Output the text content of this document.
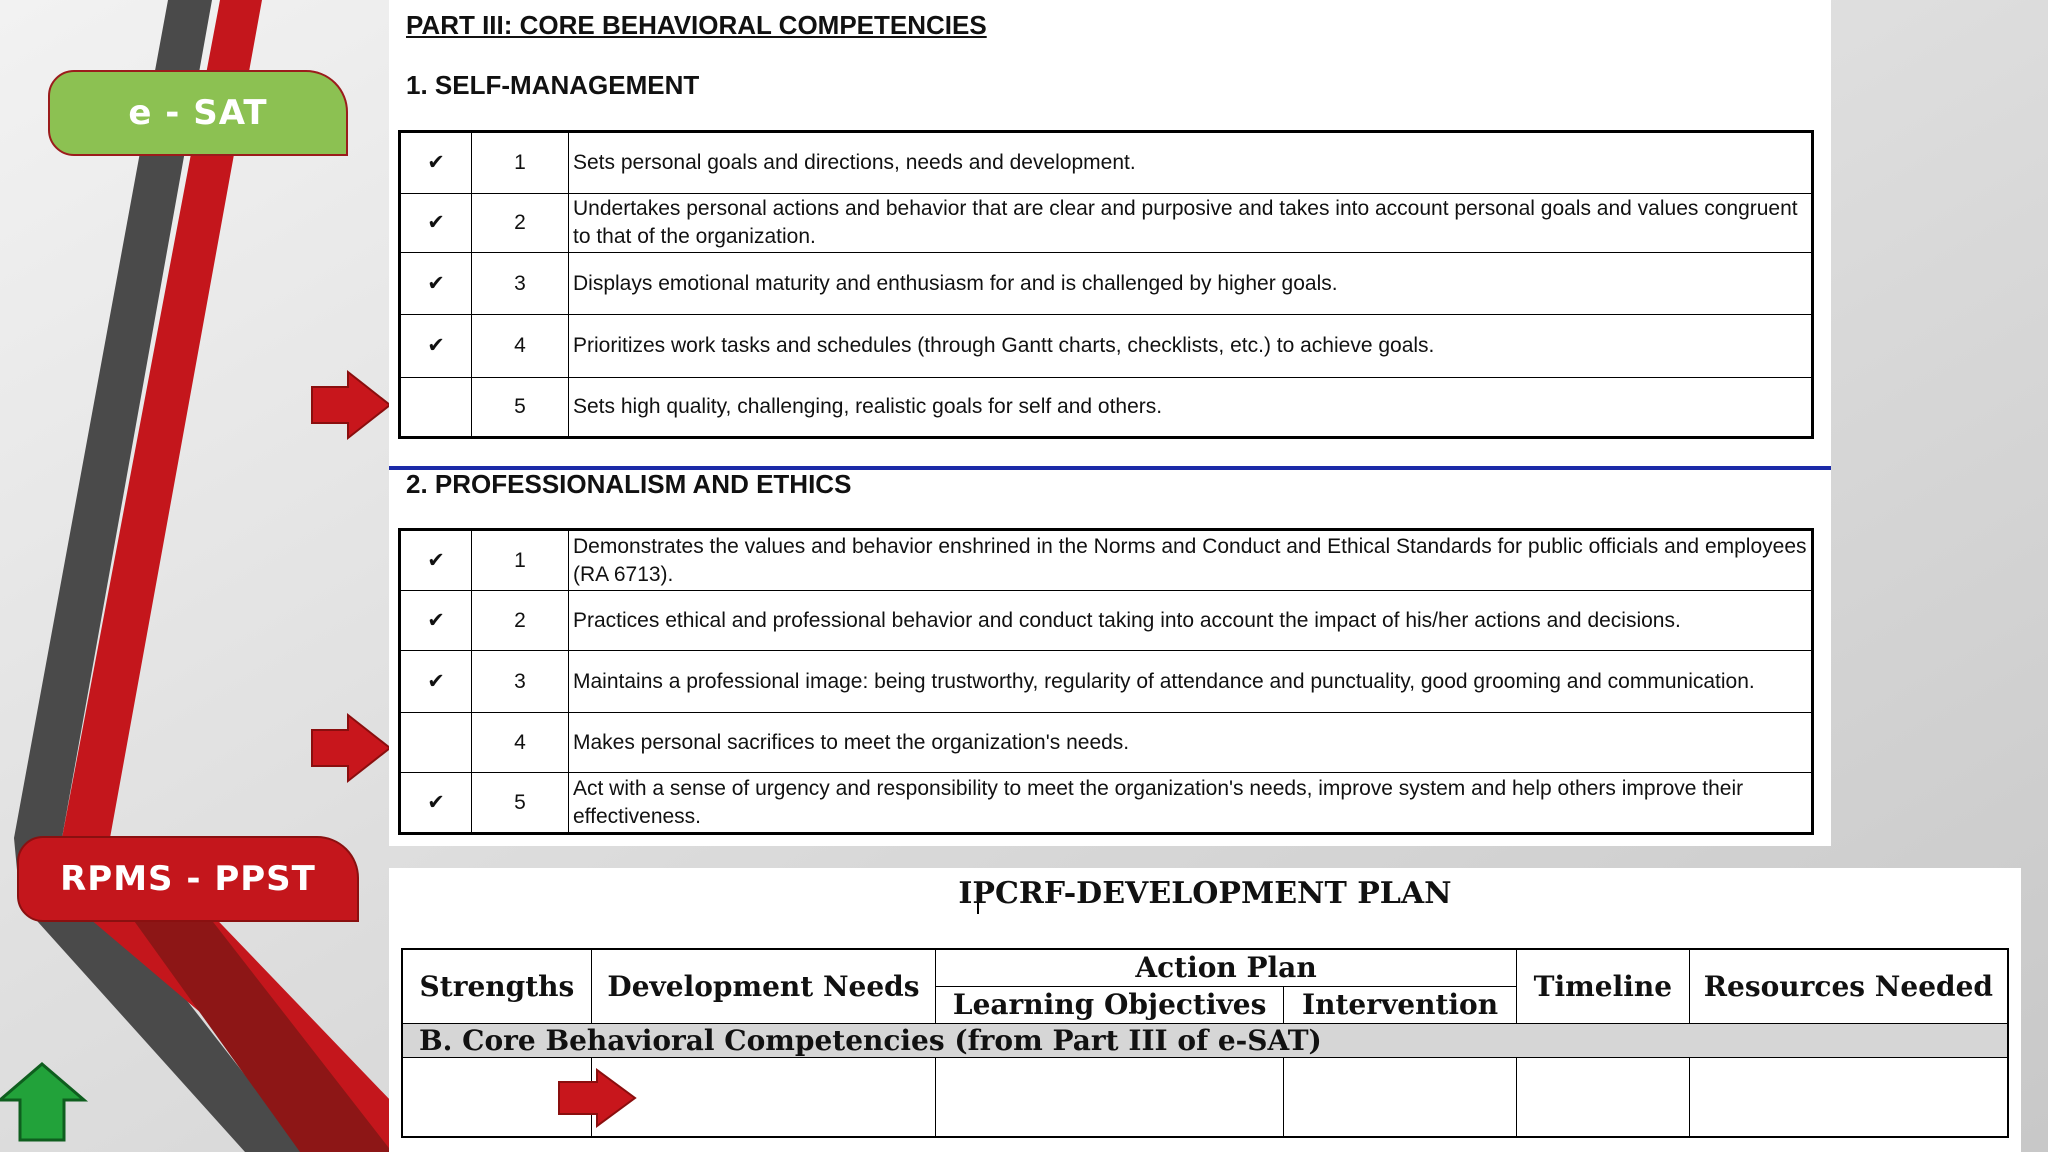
e - SAT
RPMS - PPST
PART III: CORE BEHAVIORAL COMPETENCIES
1. SELF-MANAGEMENT
✔	1	Sets personal goals and directions, needs and development.
✔	2	Undertakes personal actions and behavior that are clear and purposive and takes into account personal goals and values congruent to that of the organization.
✔	3	Displays emotional maturity and enthusiasm for and is challenged by higher goals.
✔	4	Prioritizes work tasks and schedules (through Gantt charts, checklists, etc.) to achieve goals.
	5	Sets high quality, challenging, realistic goals for self and others.
2. PROFESSIONALISM AND ETHICS
✔	1	Demonstrates the values and behavior enshrined in the Norms and Conduct and Ethical Standards for public officials and employees (RA 6713).
✔	2	Practices ethical and professional behavior and conduct taking into account the impact of his/her actions and decisions.
✔	3	Maintains a professional image: being trustworthy, regularity of attendance and punctuality, good grooming and communication.
	4	Makes personal sacrifices to meet the organization's needs.
✔	5	Act with a sense of urgency and responsibility to meet the organization's needs, improve system and help others improve their effectiveness.
IPCRF-DEVELOPMENT PLAN
Strengths	Development Needs	Action Plan		Timeline	Resources Needed
		Learning Objectives	Intervention		
B. Core Behavioral Competencies (from Part III of e-SAT)					
